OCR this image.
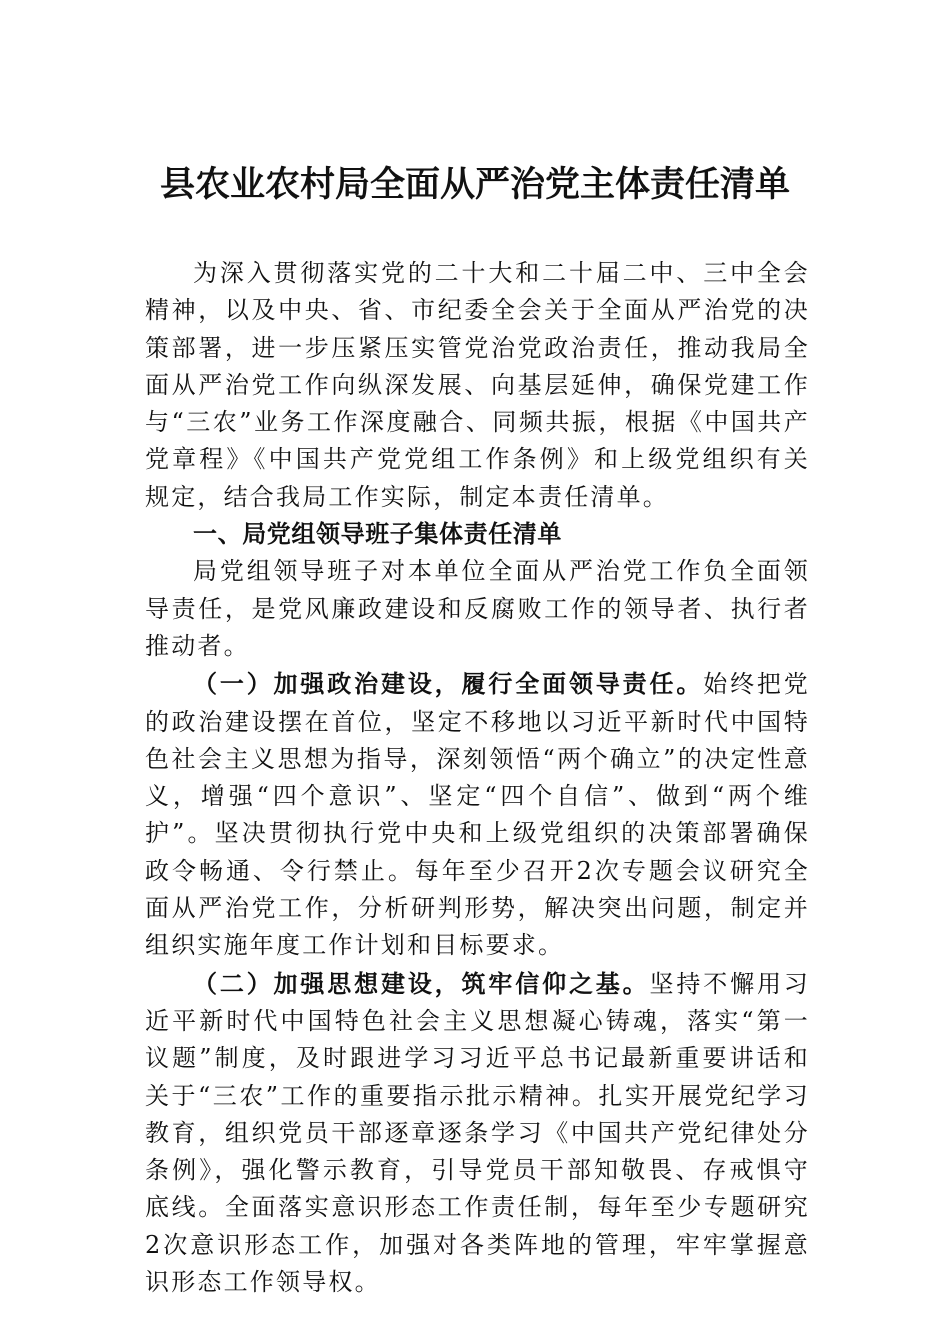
县农业农村局全面从严治党主体责任清单

为深入贯彻落实党的二十大和二十届二中、三中全会精神，以及中央、省、市纪委全会关于全面从严治党的决策部署，进一步压紧压实管党治党政治责任，推动我局全面从严治党工作向纵深发展、向基层延伸，确保党建工作与“三农”业务工作深度融合、同频共振，根据《中国共产党章程》《中国共产党党组工作条例》和上级党组织有关规定，结合我局工作实际，制定本责任清单。

一、局党组领导班子集体责任清单

局党组领导班子对本单位全面从严治党工作负全面领导责任，是党风廉政建设和反腐败工作的领导者、执行者推动者。

（一）加强政治建设，履行全面领导责任。始终把党的政治建设摆在首位，坚定不移地以习近平新时代中国特色社会主义思想为指导，深刻领悟“两个确立”的决定性意义，增强“四个意识”、坚定“四个自信”、做到“两个维护”。坚决贯彻执行党中央和上级党组织的决策部署确保政令畅通、令行禁止。每年至少召开2次专题会议研究全面从严治党工作，分析研判形势，解决突出问题，制定并组织实施年度工作计划和目标要求。

（二）加强思想建设，筑牢信仰之基。坚持不懈用习近平新时代中国特色社会主义思想凝心铸魂，落实“第一议题”制度，及时跟进学习习近平总书记最新重要讲话和关于“三农”工作的重要指示批示精神。扎实开展党纪学习教育，组织党员干部逐章逐条学习《中国共产党纪律处分条例》，强化警示教育，引导党员干部知敬畏、存戒惧守底线。全面落实意识形态工作责任制，每年至少专题研究2次意识形态工作，加强对各类阵地的管理，牢牢掌握意识形态工作领导权。
